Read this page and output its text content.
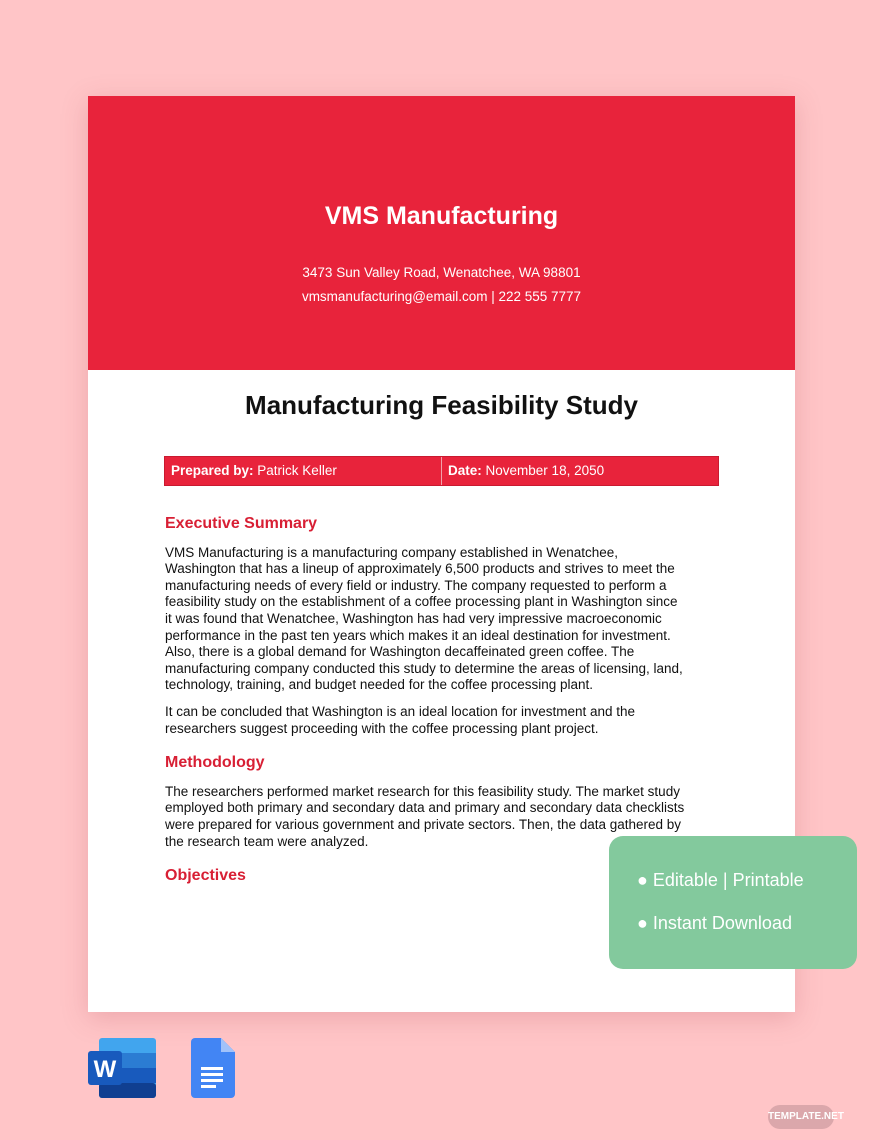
VMS Manufacturing
3473 Sun Valley Road, Wenatchee, WA 98801
vmsmanufacturing@email.com | 222 555 7777
Manufacturing Feasibility Study
Prepared by: Patrick Keller	Date: November 18, 2050
Executive Summary
VMS Manufacturing is a manufacturing company established in Wenatchee,
Washington that has a lineup of approximately 6,500 products and strives to meet the
manufacturing needs of every field or industry. The company requested to perform a
feasibility study on the establishment of a coffee processing plant in Washington since
it was found that Wenatchee, Washington has had very impressive macroeconomic
performance in the past ten years which makes it an ideal destination for investment.
Also, there is a global demand for Washington decaffeinated green coffee. The
manufacturing company conducted this study to determine the areas of licensing, land,
technology, training, and budget needed for the coffee processing plant.
It can be concluded that Washington is an ideal location for investment and the
researchers suggest proceeding with the coffee processing plant project.
Methodology
The researchers performed market research for this feasibility study. The market study
employed both primary and secondary data and primary and secondary data checklists
were prepared for various government and private sectors. Then, the data gathered by
the research team were analyzed.
Objectives	● Editable | Printable
● Instant Download
W
TEMPLATE.NET
